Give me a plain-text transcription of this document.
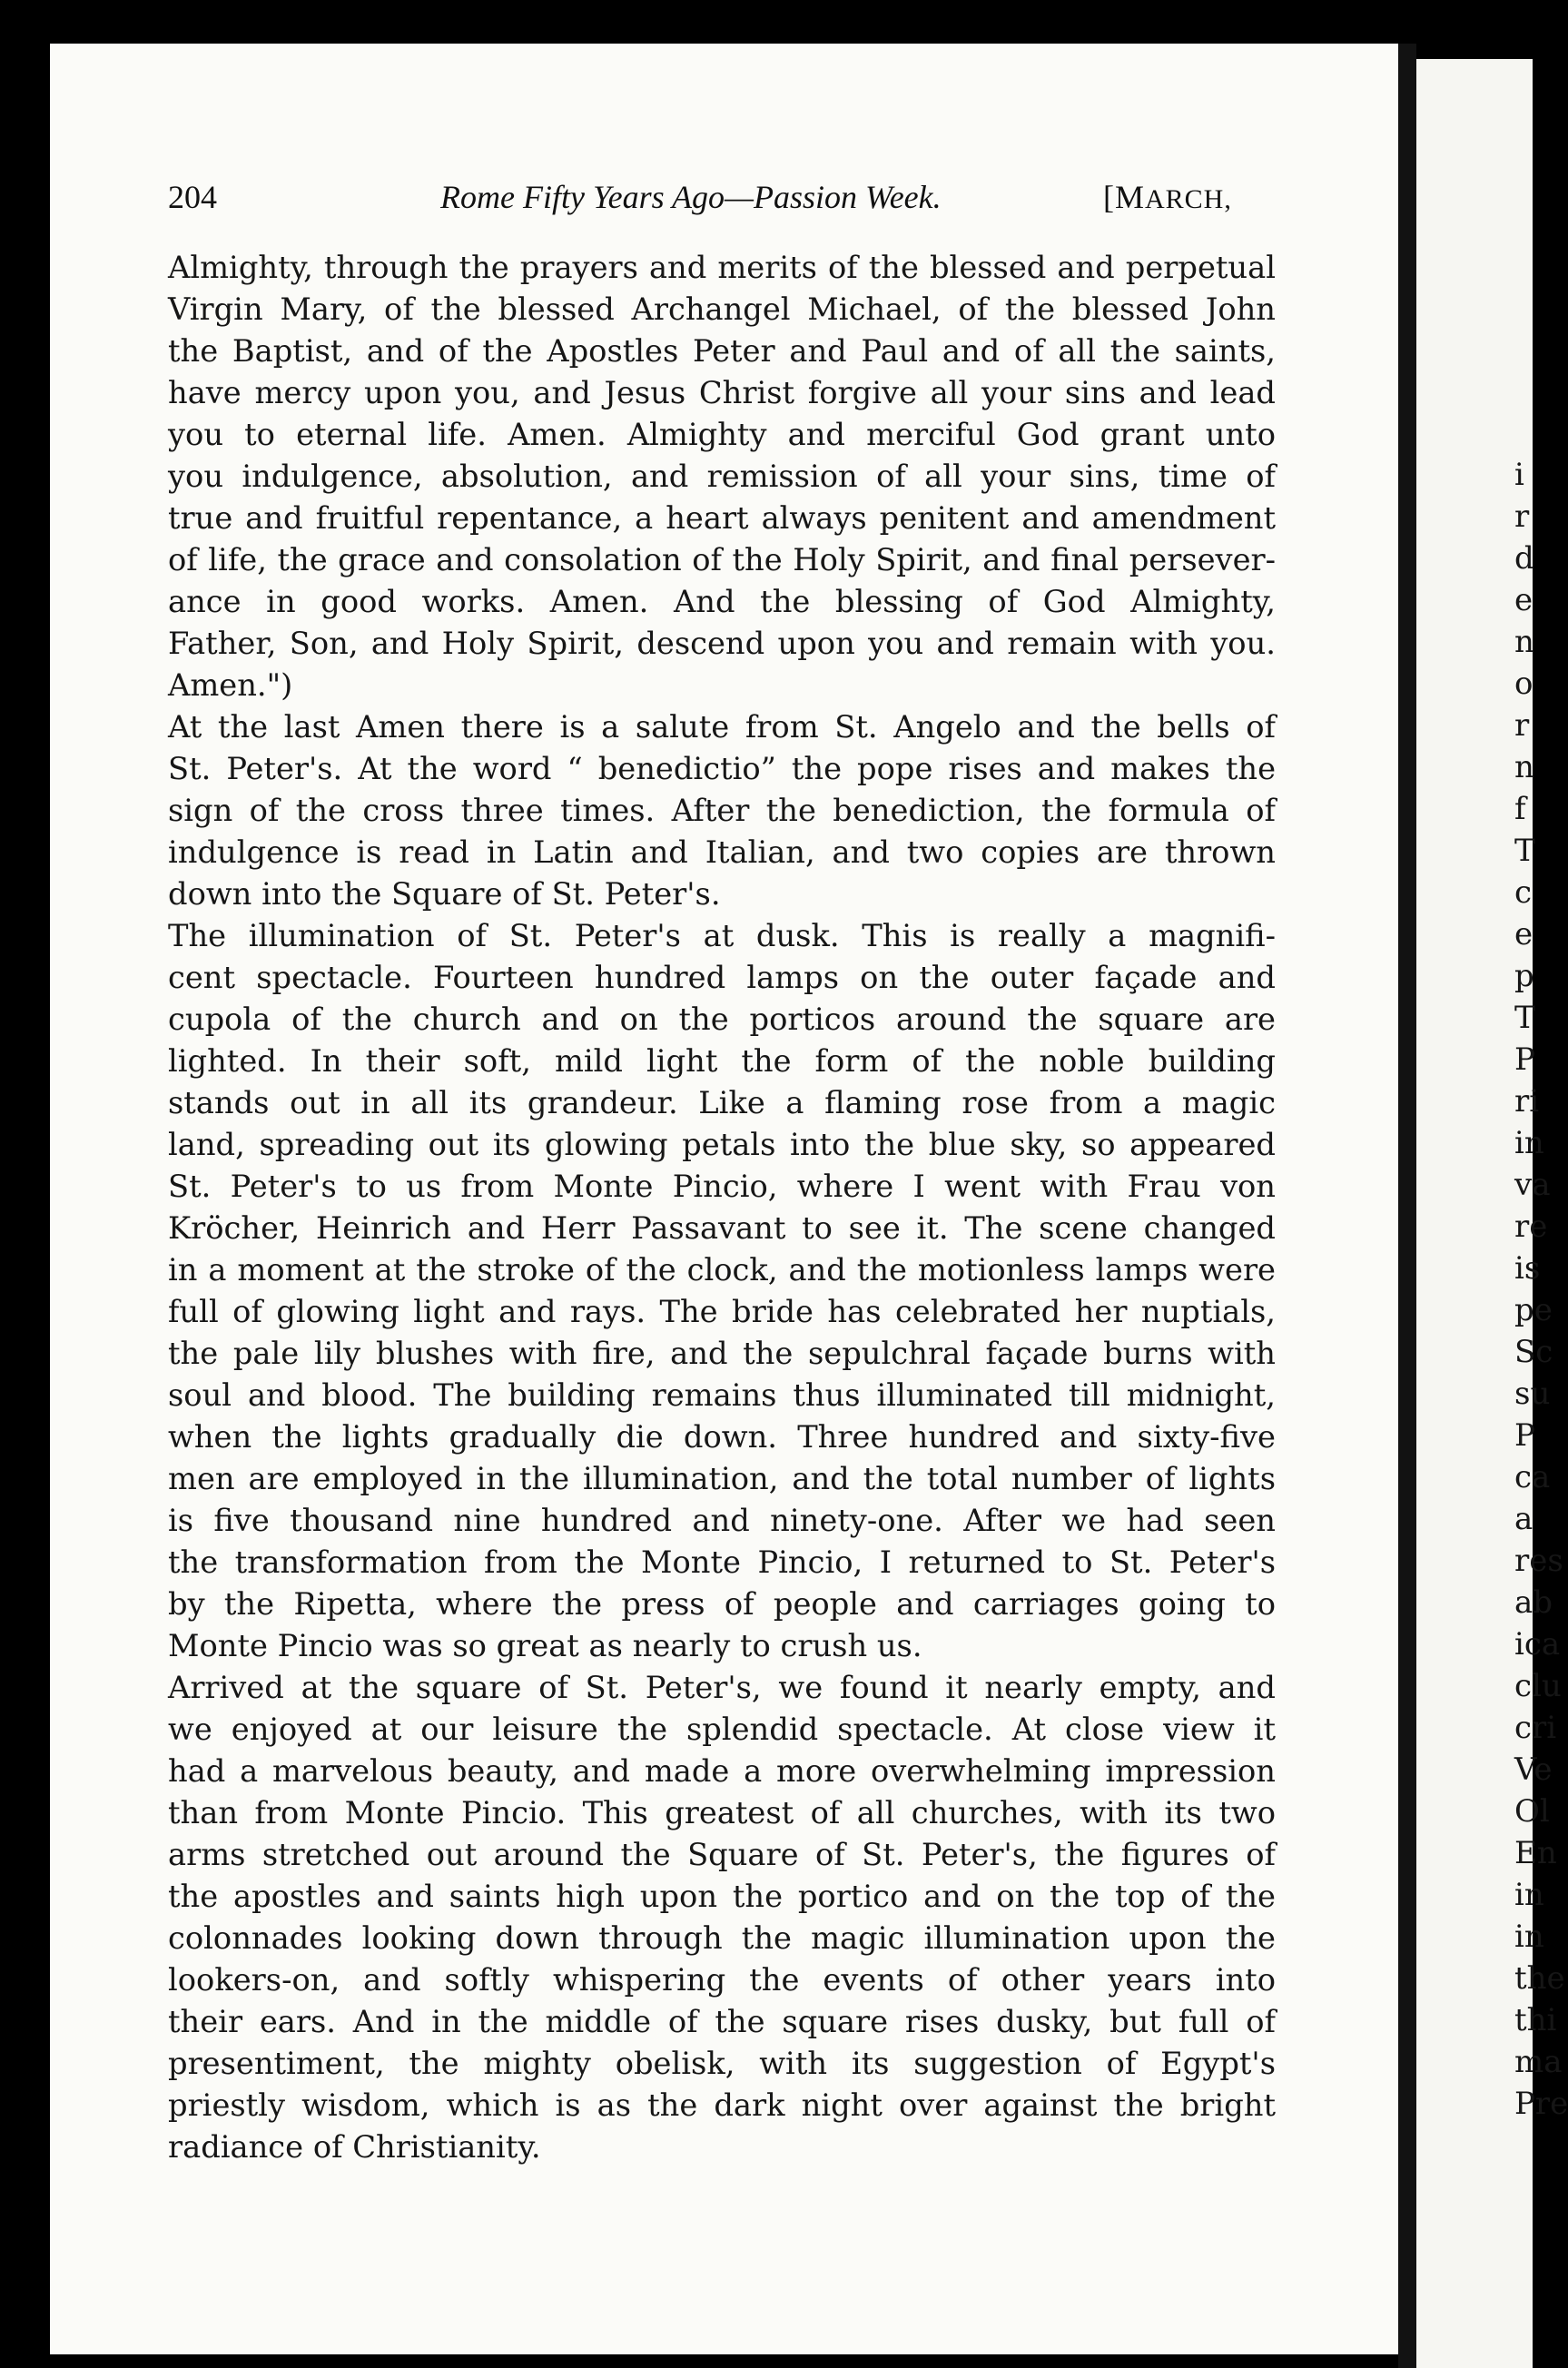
204	Rome Fifty Years Ago—Passion Week.	[MARCH,
Almighty, through the prayers and merits of the blessed and perpetual
Virgin Mary, of the blessed Archangel Michael, of the blessed John
the Baptist, and of the Apostles Peter and Paul and of all the saints,
have mercy upon you, and Jesus Christ forgive all your sins and lead
you to eternal life. Amen. Almighty and merciful God grant unto
you indulgence, absolution, and remission of all your sins, time of
true and fruitful repentance, a heart always penitent and amendment
of life, the grace and consolation of the Holy Spirit, and final persever-
ance in good works. Amen. And the blessing of God Almighty,
Father, Son, and Holy Spirit, descend upon you and remain with you.
Amen.")
At the last Amen there is a salute from St. Angelo and the bells of
St. Peter's. At the word “ benedictio” the pope rises and makes the
sign of the cross three times. After the benediction, the formula of
indulgence is read in Latin and Italian, and two copies are thrown
down into the Square of St. Peter's.
The illumination of St. Peter's at dusk. This is really a magnifi-
cent spectacle. Fourteen hundred lamps on the outer façade and
cupola of the church and on the porticos around the square are
lighted. In their soft, mild light the form of the noble building
stands out in all its grandeur. Like a flaming rose from a magic
land, spreading out its glowing petals into the blue sky, so appeared
St. Peter's to us from Monte Pincio, where I went with Frau von
Kröcher, Heinrich and Herr Passavant to see it. The scene changed
in a moment at the stroke of the clock, and the motionless lamps were
full of glowing light and rays. The bride has celebrated her nuptials,
the pale lily blushes with fire, and the sepulchral façade burns with
soul and blood. The building remains thus illuminated till midnight,
when the lights gradually die down. Three hundred and sixty-five
men are employed in the illumination, and the total number of lights
is five thousand nine hundred and ninety-one. After we had seen
the transformation from the Monte Pincio, I returned to St. Peter's
by the Ripetta, where the press of people and carriages going to
Monte Pincio was so great as nearly to crush us.
Arrived at the square of St. Peter's, we found it nearly empty, and
we enjoyed at our leisure the splendid spectacle. At close view it
had a marvelous beauty, and made a more overwhelming impression
than from Monte Pincio. This greatest of all churches, with its two
arms stretched out around the Square of St. Peter's, the figures of
the apostles and saints high upon the portico and on the top of the
colonnades looking down through the magic illumination upon the
lookers-on, and softly whispering the events of other years into
their ears. And in the middle of the square rises dusky, but full of
presentiment, the mighty obelisk, with its suggestion of Egypt's
priestly wisdom, which is as the dark night over against the bright
radiance of Christianity.
i
r
d
e
n
o
r
n
f
T
c
e
p
T
P
ri
in
va
re
is
pe
Sc
su
P
ca
a
res
ab
ica
clu
cri
Ve
Ol
En
in
in
the
thi
ma
Pre
